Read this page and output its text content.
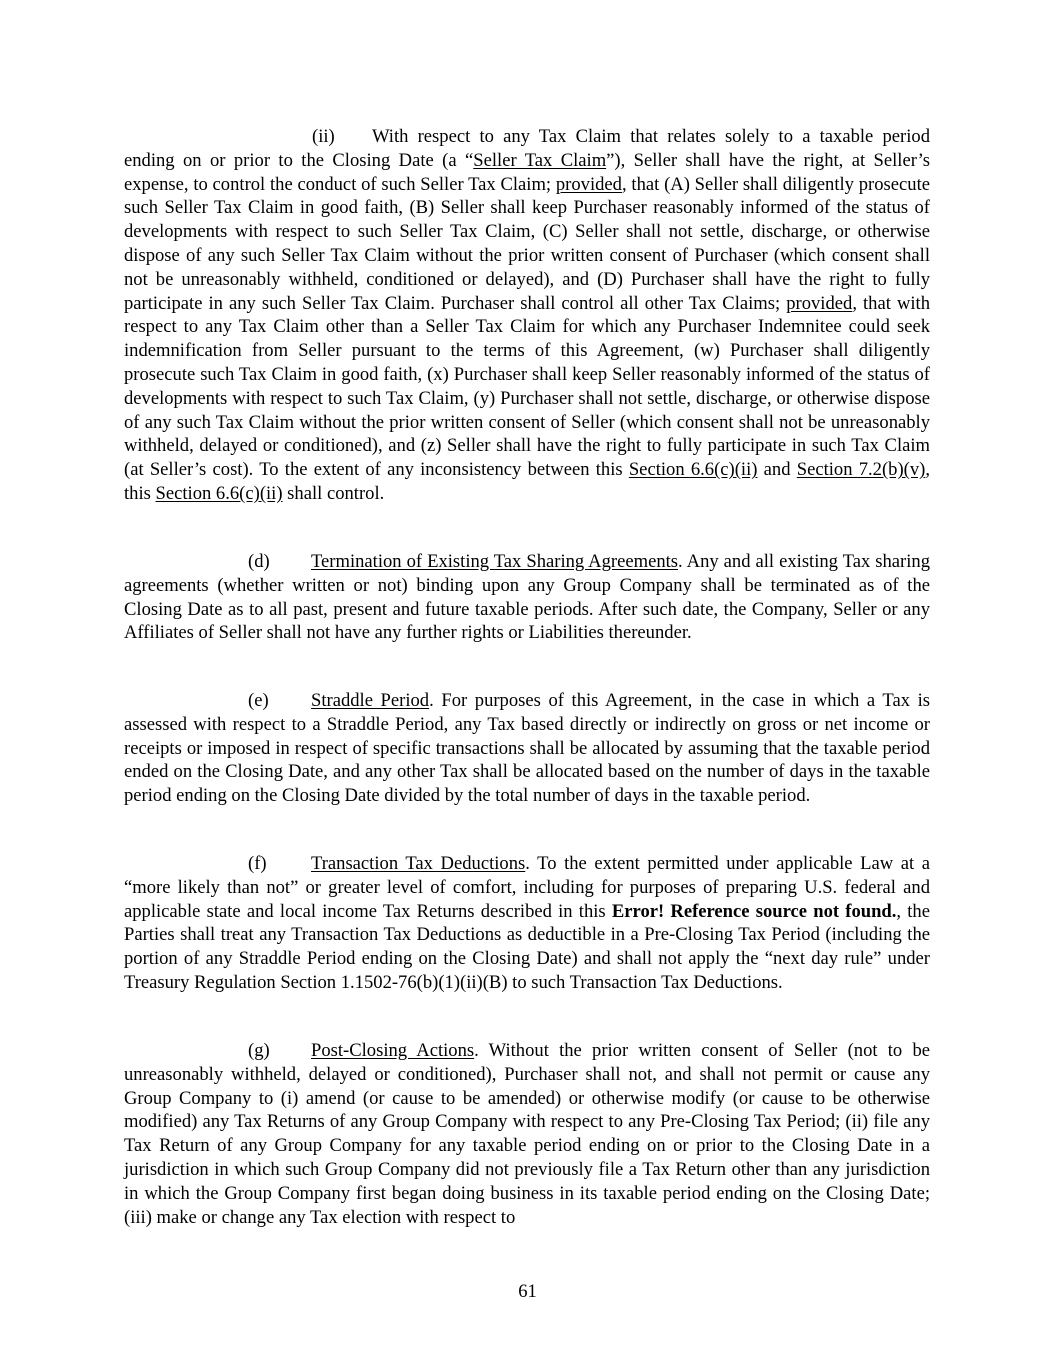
(ii) With respect to any Tax Claim that relates solely to a taxable period ending on or prior to the Closing Date (a “Seller Tax Claim”), Seller shall have the right, at Seller’s expense, to control the conduct of such Seller Tax Claim; provided, that (A) Seller shall diligently prosecute such Seller Tax Claim in good faith, (B) Seller shall keep Purchaser reasonably informed of the status of developments with respect to such Seller Tax Claim, (C) Seller shall not settle, discharge, or otherwise dispose of any such Seller Tax Claim without the prior written consent of Purchaser (which consent shall not be unreasonably withheld, conditioned or delayed), and (D) Purchaser shall have the right to fully participate in any such Seller Tax Claim. Purchaser shall control all other Tax Claims; provided, that with respect to any Tax Claim other than a Seller Tax Claim for which any Purchaser Indemnitee could seek indemnification from Seller pursuant to the terms of this Agreement, (w) Purchaser shall diligently prosecute such Tax Claim in good faith, (x) Purchaser shall keep Seller reasonably informed of the status of developments with respect to such Tax Claim, (y) Purchaser shall not settle, discharge, or otherwise dispose of any such Tax Claim without the prior written consent of Seller (which consent shall not be unreasonably withheld, delayed or conditioned), and (z) Seller shall have the right to fully participate in such Tax Claim (at Seller’s cost). To the extent of any inconsistency between this Section 6.6(c)(ii) and Section 7.2(b)(v), this Section 6.6(c)(ii) shall control.

(d) Termination of Existing Tax Sharing Agreements. Any and all existing Tax sharing agreements (whether written or not) binding upon any Group Company shall be terminated as of the Closing Date as to all past, present and future taxable periods. After such date, the Company, Seller or any Affiliates of Seller shall not have any further rights or Liabilities thereunder.

(e) Straddle Period. For purposes of this Agreement, in the case in which a Tax is assessed with respect to a Straddle Period, any Tax based directly or indirectly on gross or net income or receipts or imposed in respect of specific transactions shall be allocated by assuming that the taxable period ended on the Closing Date, and any other Tax shall be allocated based on the number of days in the taxable period ending on the Closing Date divided by the total number of days in the taxable period.

(f) Transaction Tax Deductions. To the extent permitted under applicable Law at a “more likely than not” or greater level of comfort, including for purposes of preparing U.S. federal and applicable state and local income Tax Returns described in this Error! Reference source not found., the Parties shall treat any Transaction Tax Deductions as deductible in a Pre-Closing Tax Period (including the portion of any Straddle Period ending on the Closing Date) and shall not apply the “next day rule” under Treasury Regulation Section 1.1502-76(b)(1)(ii)(B) to such Transaction Tax Deductions.

(g) Post-Closing Actions. Without the prior written consent of Seller (not to be unreasonably withheld, delayed or conditioned), Purchaser shall not, and shall not permit or cause any Group Company to (i) amend (or cause to be amended) or otherwise modify (or cause to be otherwise modified) any Tax Returns of any Group Company with respect to any Pre-Closing Tax Period; (ii) file any Tax Return of any Group Company for any taxable period ending on or prior to the Closing Date in a jurisdiction in which such Group Company did not previously file a Tax Return other than any jurisdiction in which the Group Company first began doing business in its taxable period ending on the Closing Date; (iii) make or change any Tax election with respect to

61
